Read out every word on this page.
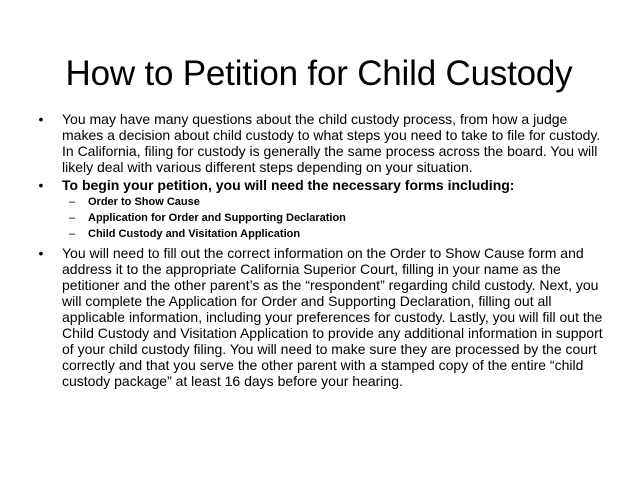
How to Petition for Child Custody
•	You may have many questions about the child custody process, from how a judge makes a decision about child custody to what steps you need to take to file for custody. In California, filing for custody is generally the same process across the board. You will likely deal with various different steps depending on your situation.
•	To begin your petition, you will need the necessary forms including:
– Order to Show Cause
– Application for Order and Supporting Declaration
– Child Custody and Visitation Application
•	You will need to fill out the correct information on the Order to Show Cause form and address it to the appropriate California Superior Court, filling in your name as the petitioner and the other parent’s as the “respondent” regarding child custody. Next, you will complete the Application for Order and Supporting Declaration, filling out all applicable information, including your preferences for custody. Lastly, you will fill out the Child Custody and Visitation Application to provide any additional information in support of your child custody filing. You will need to make sure they are processed by the court correctly and that you serve the other parent with a stamped copy of the entire “child custody package” at least 16 days before your hearing.
